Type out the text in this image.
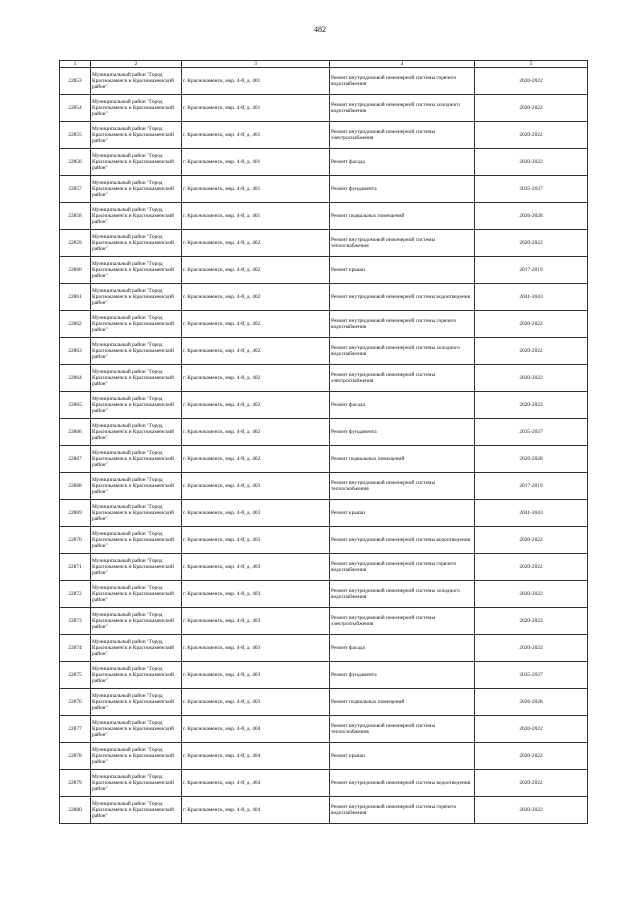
482
1	2	3	4	5
22853	Муниципальный район "Город Краснокаменск и Краснокаменский район"	г. Краснокаменск, мкр. 4-й, д. 401	Ремонт внутридомовой инженерной системы горячего водоснабжения	2020-2022
22854	Муниципальный район "Город Краснокаменск и Краснокаменский район"	г. Краснокаменск, мкр. 4-й, д. 401	Ремонт внутридомовой инженерной системы холодного водоснабжения	2020-2022
22855	Муниципальный район "Город Краснокаменск и Краснокаменский район"	г. Краснокаменск, мкр. 4-й, д. 401	Ремонт внутридомовой инженерной системы электроснабжения	2020-2022
22856	Муниципальный район "Город Краснокаменск и Краснокаменский район"	г. Краснокаменск, мкр. 4-й, д. 401	Ремонт фасада	2020-2022
22857	Муниципальный район "Город Краснокаменск и Краснокаменский район"	г. Краснокаменск, мкр. 4-й, д. 401	Ремонт фундамента	2035-2037
22858	Муниципальный район "Город Краснокаменск и Краснокаменский район"	г. Краснокаменск, мкр. 4-й, д. 401	Ремонт подвальных помещений	2026-2028
22859	Муниципальный район "Город Краснокаменск и Краснокаменский район"	г. Краснокаменск, мкр. 4-й, д. 402	Ремонт внутридомовой инженерной системы теплоснабжения	2020-2022
22860	Муниципальный район "Город Краснокаменск и Краснокаменский район"	г. Краснокаменск, мкр. 4-й, д. 402	Ремонт крыши	2017-2019
22861	Муниципальный район "Город Краснокаменск и Краснокаменский район"	г. Краснокаменск, мкр. 4-й, д. 402	Ремонт внутридомовой инженерной системы водоотведения	2041-2043
22862	Муниципальный район "Город Краснокаменск и Краснокаменский район"	г. Краснокаменск, мкр. 4-й, д. 402	Ремонт внутридомовой инженерной системы горячего водоснабжения	2020-2022
22863	Муниципальный район "Город Краснокаменск и Краснокаменский район"	г. Краснокаменск, мкр. 4-й, д. 402	Ремонт внутридомовой инженерной системы холодного водоснабжения	2020-2022
22864	Муниципальный район "Город Краснокаменск и Краснокаменский район"	г. Краснокаменск, мкр. 4-й, д. 402	Ремонт внутридомовой инженерной системы электроснабжения	2020-2022
22865	Муниципальный район "Город Краснокаменск и Краснокаменский район"	г. Краснокаменск, мкр. 4-й, д. 402	Ремонт фасада	2020-2022
22866	Муниципальный район "Город Краснокаменск и Краснокаменский район"	г. Краснокаменск, мкр. 4-й, д. 402	Ремонт фундамента	2035-2037
22867	Муниципальный район "Город Краснокаменск и Краснокаменский район"	г. Краснокаменск, мкр. 4-й, д. 402	Ремонт подвальных помещений	2026-2028
22868	Муниципальный район "Город Краснокаменск и Краснокаменский район"	г. Краснокаменск, мкр. 4-й, д. 403	Ремонт внутридомовой инженерной системы теплоснабжения	2017-2019
22869	Муниципальный район "Город Краснокаменск и Краснокаменский район"	г. Краснокаменск, мкр. 4-й, д. 403	Ремонт крыши	2041-2043
22870	Муниципальный район "Город Краснокаменск и Краснокаменский район"	г. Краснокаменск, мкр. 4-й, д. 403	Ремонт внутридомовой инженерной системы водоотведения	2020-2022
22871	Муниципальный район "Город Краснокаменск и Краснокаменский район"	г. Краснокаменск, мкр. 4-й, д. 403	Ремонт внутридомовой инженерной системы горячего водоснабжения	2020-2022
22872	Муниципальный район "Город Краснокаменск и Краснокаменский район"	г. Краснокаменск, мкр. 4-й, д. 403	Ремонт внутридомовой инженерной системы холодного водоснабжения	2020-2022
22873	Муниципальный район "Город Краснокаменск и Краснокаменский район"	г. Краснокаменск, мкр. 4-й, д. 403	Ремонт внутридомовой инженерной системы электроснабжения	2020-2022
22874	Муниципальный район "Город Краснокаменск и Краснокаменский район"	г. Краснокаменск, мкр. 4-й, д. 403	Ремонт фасада	2020-2022
22875	Муниципальный район "Город Краснокаменск и Краснокаменский район"	г. Краснокаменск, мкр. 4-й, д. 403	Ремонт фундамента	2035-2037
22876	Муниципальный район "Город Краснокаменск и Краснокаменский район"	г. Краснокаменск, мкр. 4-й, д. 403	Ремонт подвальных помещений	2026-2028
22877	Муниципальный район "Город Краснокаменск и Краснокаменский район"	г. Краснокаменск, мкр. 4-й, д. 404	Ремонт внутридомовой инженерной системы теплоснабжения	2020-2022
22878	Муниципальный район "Город Краснокаменск и Краснокаменский район"	г. Краснокаменск, мкр. 4-й, д. 404	Ремонт крыши	2020-2022
22879	Муниципальный район "Город Краснокаменск и Краснокаменский район"	г. Краснокаменск, мкр. 4-й, д. 404	Ремонт внутридомовой инженерной системы водоотведения	2020-2022
22880	Муниципальный район "Город Краснокаменск и Краснокаменский район"	г. Краснокаменск, мкр. 4-й, д. 404	Ремонт внутридомовой инженерной системы горячего водоснабжения	2020-2022
